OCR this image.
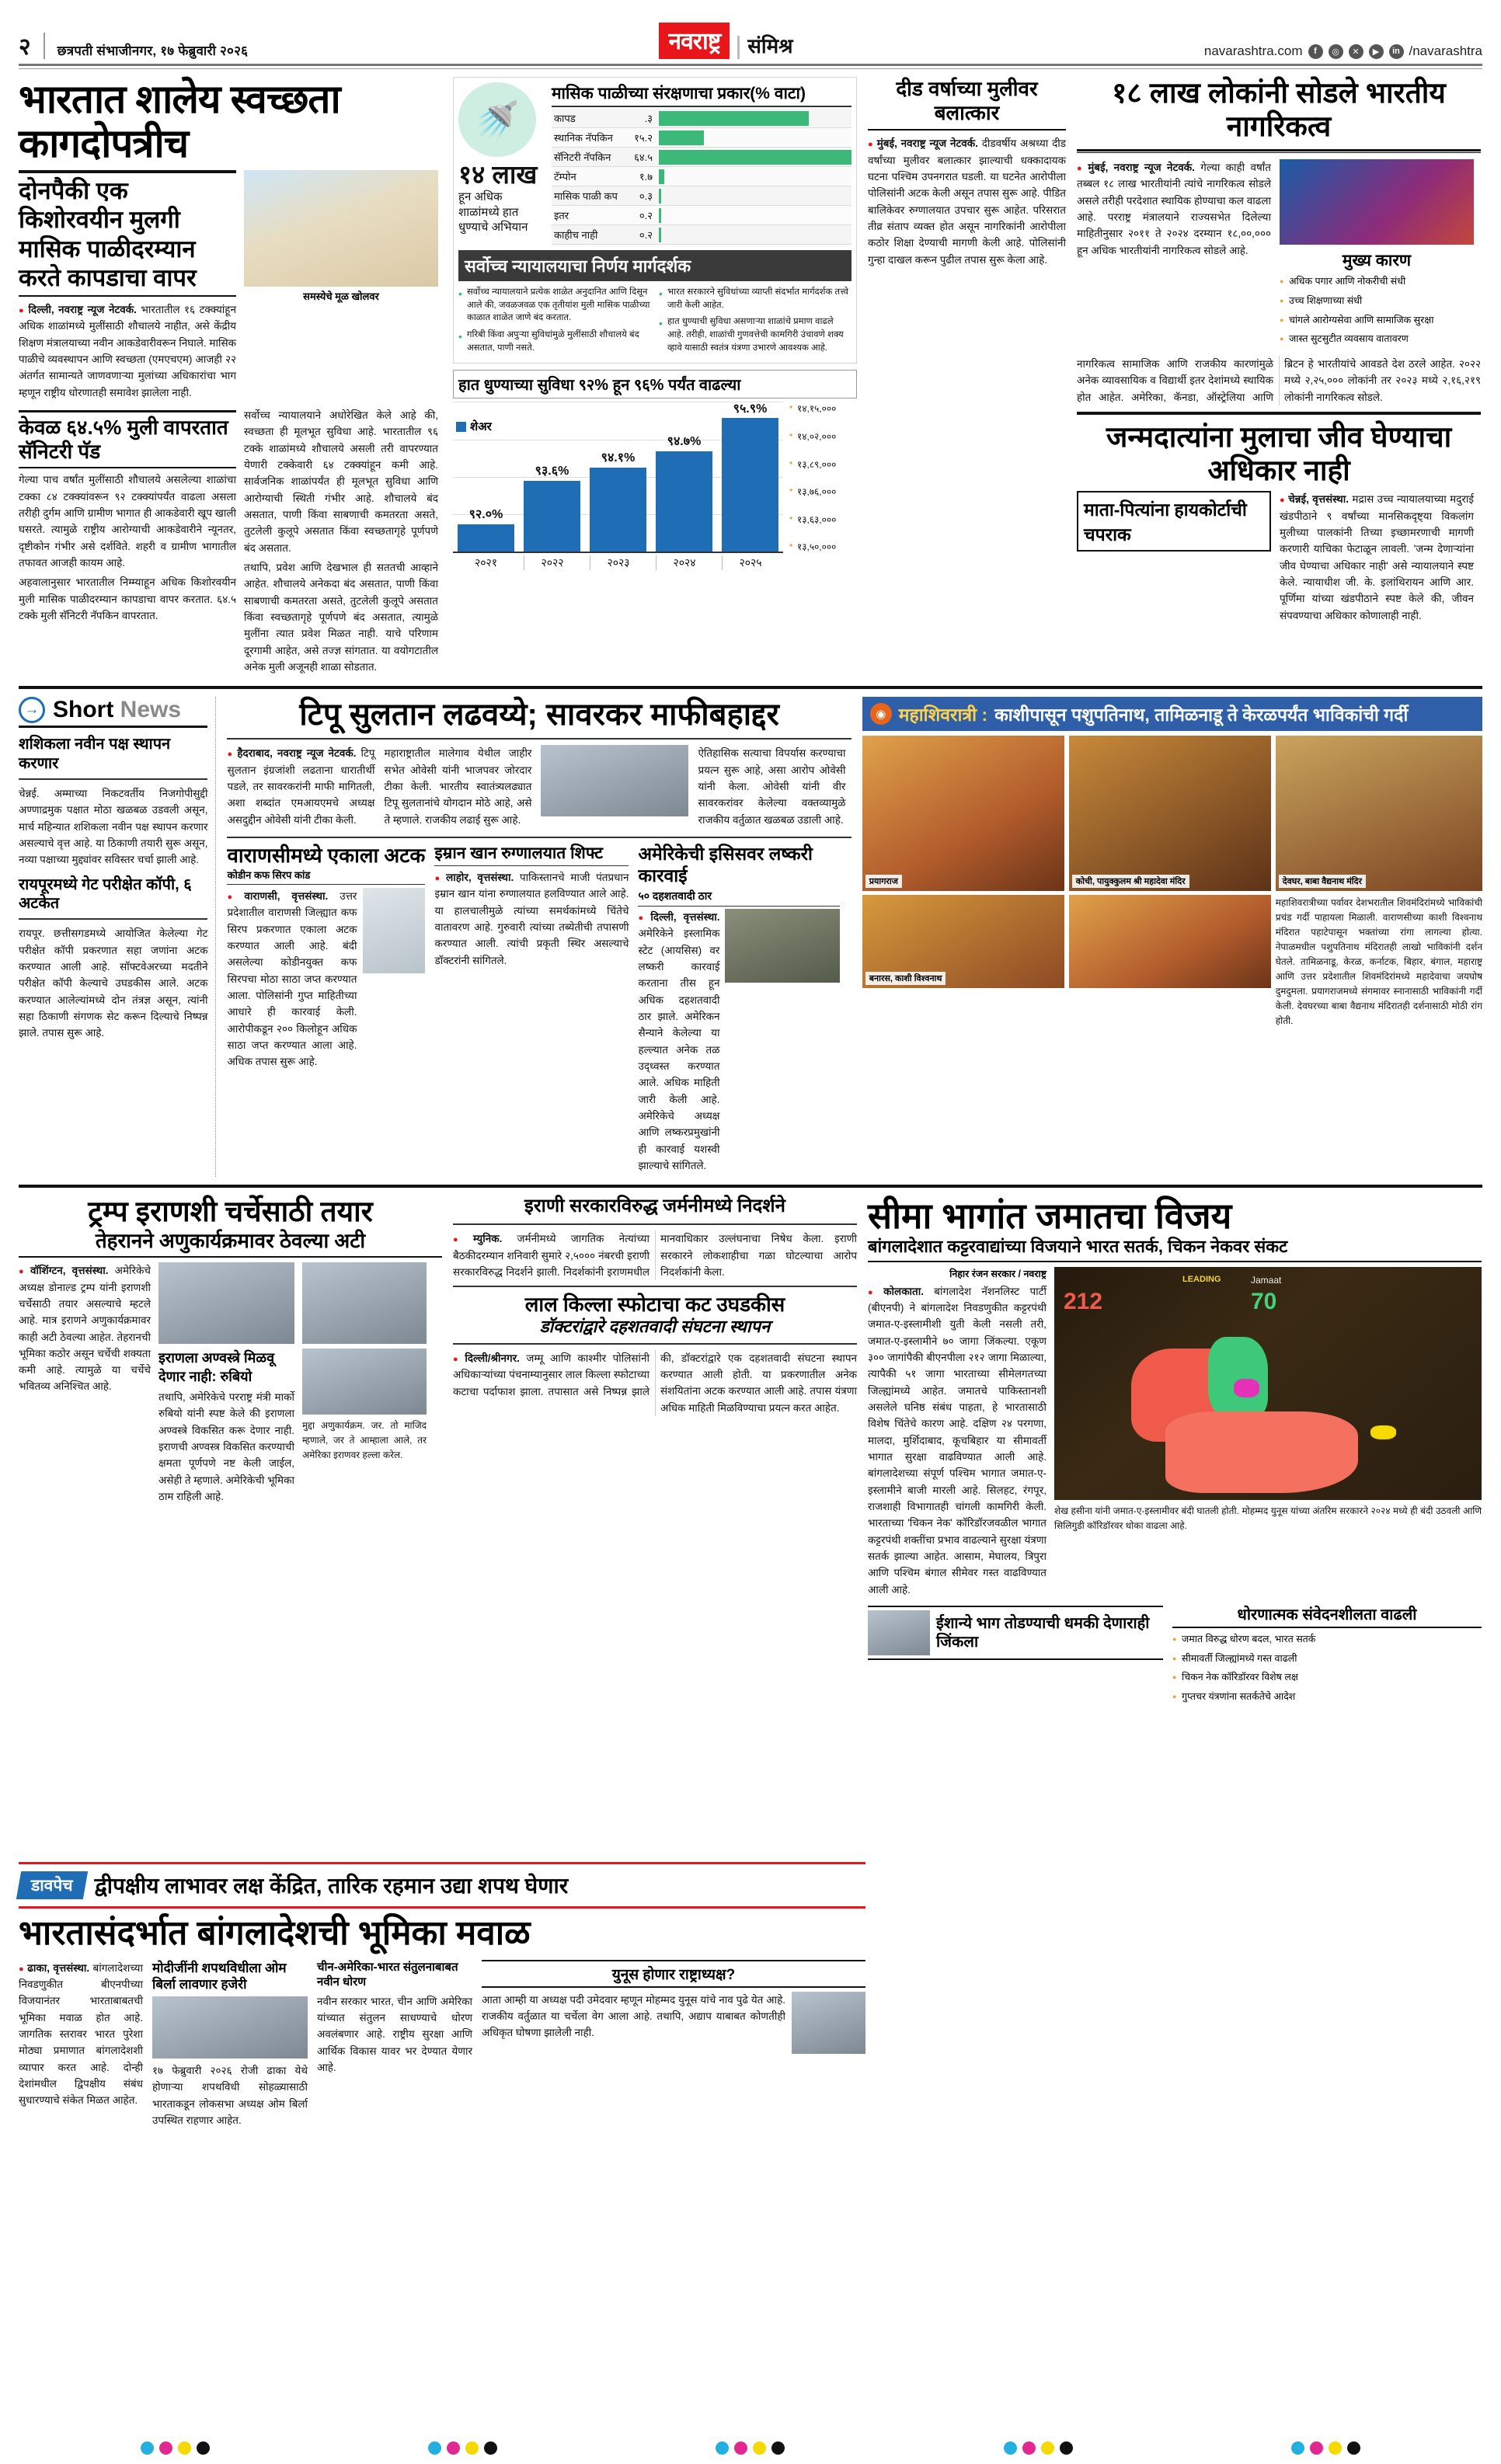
२	छत्रपती संभाजीनगर, १७ फेब्रुवारी २०२६	नवराष्ट्र	संमिश्र	navarashtra.com	f	◎	✕	▶	in /navarashtra
भारतात शालेय स्वच्छता कागदोपत्रीच
दोनपैकी एक किशोरवयीन मुलगी मासिक पाळीदरम्यान करते कापडाचा वापर

● दिल्ली, नवराष्ट्र न्यूज नेटवर्क. भारतातील १६ टक्क्यांहून अधिक शाळांमध्ये मुलींसाठी शौचालये नाहीत, असे केंद्रीय शिक्षण मंत्रालयाच्या नवीन आकडेवारीवरून निघाले. मासिक पाळीचे व्यवस्थापन आणि स्वच्छता (एमएचएम) आजही २२ अंतर्गत सामान्यतेे जाणवणाऱ्या मुलांच्या अधिकारांचा भाग म्हणून राष्ट्रीय धोरणातही समावेश झालेला नाही.

समस्येचे मूळ खोलवर
केवळ ६४.५% मुली वापरतात सॅनिटरी पॅड

गेल्या पाच वर्षांत मुलींसाठी शौचालये असलेल्या शाळांचा टक्का ८४ टक्क्यांवरून ९२ टक्क्यांपर्यंत वाढला असला तरीही दुर्गम आणि ग्रामीण भागात ही आकडेवारी खूप खाली घसरते. त्यामुळे राष्ट्रीय आरोग्याची आकडेवारीने न्यूनतर, दृष्टीकोन गंभीर असे दर्शविते. शहरी व ग्रामीण भागातील तफावत आजही कायम आहे.

अहवालानुसार भारतातील निम्म्याहून अधिक किशोरवयीन मुली मासिक पाळीदरम्यान कापडाचा वापर करतात. ६४.५ टक्के मुली सॅनिटरी नॅपकिन वापरतात.

सर्वोच्च न्यायालयाने अधोरेखित केले आहे की, स्वच्छता ही मूलभूत सुविधा आहे. भारतातील ९६ टक्के शाळांमध्ये शौचालये असली तरी वापरण्यात येणारी टक्केवारी ६४ टक्क्यांहून कमी आहे. सार्वजनिक शाळांपर्यंत ही मूलभूत सुविधा आणि आरोग्याची स्थिती गंभीर आहे. शौचालये बंद असतात, पाणी किंवा साबणाची कमतरता असते, तुटलेली कुलूपे असतात किंवा स्वच्छतागृहे पूर्णपणे बंद असतात.

तथापि, प्रवेश आणि देखभाल ही सततची आव्हाने आहेत. शौचालये अनेकदा बंद असतात, पाणी किंवा साबणाची कमतरता असते, तुटलेली कुलूपे असतात किंवा स्वच्छतागृहे पूर्णपणे बंद असतात, त्यामुळे मुलींना त्यात प्रवेश मिळत नाही. याचे परिणाम दूरगामी आहेत, असे तज्ज्ञ सांगतात. या वयोगटातील अनेक मुली अजूनही शाळा सोडतात.

🚿
१४ लाख
हून अधिक शाळांमध्ये हात धुण्याचे अभियान
मासिक पाळीच्या संरक्षणाचा प्रकार(% वाटा)
कापड	.३
स्थानिक नॅपकिन	१५.२
सॅनिटरी नॅपकिन	६४.५
टॅम्पोन	१.७
मासिक पाळी कप	०.३
इतर	०.२
काहीच नाही	०.२
सर्वोच्च न्यायालयाचा निर्णय मार्गदर्शक
• सर्वोच्च न्यायालयाने प्रत्येक शाळेत अनुदानित आणि दिसून आले की, जवळजवळ एक तृतीयांश मुली मासिक पाळीच्या काळात शाळेत जाणे बंद करतात.
• गरिबी किंवा अपुऱ्या सुविधांमुळे मुलींसाठी शौचालये बंद असतात, पाणी नसते.
• भारत सरकारने सुविधांच्या व्याप्ती संदर्भात मार्गदर्शक तत्त्वे जारी केली आहेत.
• हात धुण्याची सुविधा असणाऱ्या शाळांचे प्रमाण वाढले आहे. तरीही, शाळांची गुणवत्तेची कामगिरी उंचावणे शक्य व्हावे यासाठी स्वतंत्र यंत्रणा उभारणे आवश्यक आहे.
हात धुण्याच्या सुविधा ९२% हून ९६% पर्यंत वाढल्या
शेअर
९२.०%
९३.६%
९४.१%
९४.७%
९५.९%	• १४,१५,०००
• १४,०२,०००
• १३,८९,०००
• १३,७६,०००
• १३,६३,०००
• १३,५०,०००
२०२१	२०२२	२०२३	२०२४	२०२५
दीड वर्षाच्या मुलीवर बलात्कार

● मुंबई, नवराष्ट्र न्यूज नेटवर्क. दीडवर्षीय अश्रध्या दीड वर्षांच्या मुलीवर बलात्कार झाल्याची धक्कादायक घटना पश्चिम उपनगरात घडली. या घटनेत आरोपीला पोलिसांनी अटक केली असून तपास सुरू आहे. पीडित बालिकेवर रुग्णालयात उपचार सुरू आहेत. परिसरात तीव्र संताप व्यक्त होत असून नागरिकांनी आरोपीला कठोर शिक्षा देण्याची मागणी केली आहे. पोलिसांनी गुन्हा दाखल करून पुढील तपास सुरू केला आहे.

१८ लाख लोकांनी सोडले भारतीय नागरिकत्व

● मुंबई, नवराष्ट्र न्यूज नेटवर्क. गेल्या काही वर्षांत तब्बल १८ लाख भारतीयांनी त्यांचे नागरिकत्व सोडले असले तरीही परदेशात स्थायिक होण्याचा कल वाढला आहे. परराष्ट्र मंत्रालयाने राज्यसभेत दिलेल्या माहितीनुसार २०११ ते २०२४ दरम्यान १८,००,००० हून अधिक भारतीयांनी नागरिकत्व सोडले आहे.

मुख्य कारण
● अधिक पगार आणि नोकरीची संधी
● उच्च शिक्षणाच्या संधी
● चांगले आरोग्यसेवा आणि सामाजिक सुरक्षा
● जास्त सुटसुटीत व्यवसाय वातावरण

नागरिकत्व सामाजिक आणि राजकीय कारणांमुळे अनेक व्यावसायिक व विद्यार्थी इतर देशांमध्ये स्थायिक होत आहेत. अमेरिका, कॅनडा, ऑस्ट्रेलिया आणि ब्रिटन हे भारतीयांचे आवडते देश ठरले आहेत. २०२२ मध्ये २,२५,००० लोकांनी तर २०२३ मध्ये २,१६,२१९ लोकांनी नागरिकत्व सोडले.

जन्मदात्यांना मुलाचा जीव घेण्याचा अधिकार नाही
माता-पित्यांना हायकोर्टाची चपराक

● चेन्नई, वृत्तसंस्था. मद्रास उच्च न्यायालयाच्या मदुराई खंडपीठाने ९ वर्षांच्या मानसिकदृष्ट्या विकलांग मुलीच्या पालकांनी तिच्या इच्छामरणाची मागणी करणारी याचिका फेटाळून लावली. 'जन्म देणाऱ्यांना जीव घेण्याचा अधिकार नाही' असे न्यायालयाने स्पष्ट केले. न्यायाधीश जी. के. इलांथिरायन आणि आर. पूर्णिमा यांच्या खंडपीठाने स्पष्ट केले की, जीवन संपवण्याचा अधिकार कोणालाही नाही.

→ Short News
शशिकला नवीन पक्ष स्थापन करणार

चेन्नई. अम्माच्या निकटवर्तीय निजगोपीसुद्दी अण्णाद्रमुक पक्षात मोठा खळबळ उडवली असून, मार्च महिन्यात शशिकला नवीन पक्ष स्थापन करणार असल्याचे वृत्त आहे. या ठिकाणी तयारी सुरू असून, नव्या पक्षाच्या मुद्द्यांवर सविस्तर चर्चा झाली आहे.

रायपूरमध्ये गेट परीक्षेत कॉपी, ६ अटकेत

रायपूर. छत्तीसगडमध्ये आयोजित केलेल्या गेट परीक्षेत कॉपी प्रकरणात सहा जणांना अटक करण्यात आली आहे. सॉफ्टवेअरच्या मदतीने परीक्षेत कॉपी केल्याचे उघडकीस आले. अटक करण्यात आलेल्यांमध्ये दोन तंत्रज्ञ असून, त्यांनी सहा ठिकाणी संगणक सेट करून दिल्याचे निष्पन्न झाले. तपास सुरू आहे.

टिपू सुलतान लढवय्ये; सावरकर माफीबहाद्दर

● हैदराबाद, नवराष्ट्र न्यूज नेटवर्क. टिपू सुलतान इंग्रजांशी लढताना धारातीर्थी पडले, तर सावरकरांनी माफी मागितली, अशा शब्दांत एमआयएमचे अध्यक्ष असदुद्दीन ओवेसी यांनी टीका केली.

महाराष्ट्रातील मालेगाव येथील जाहीर सभेत ओवेसी यांनी भाजपवर जोरदार टीका केली. भारतीय स्वातंत्र्यलढ्यात टिपू सुलतानांचे योगदान मोठे आहे, असे ते म्हणाले. राजकीय लढाई सुरू आहे.

ऐतिहासिक सत्याचा विपर्यास करण्याचा प्रयत्न सुरू आहे, असा आरोप ओवेसी यांनी केला. ओवेसी यांनी वीर सावरकरांवर केलेल्या वक्तव्यामुळे राजकीय वर्तुळात खळबळ उडाली आहे.

वाराणसीमध्ये एकाला अटक
कोडीन कफ सिरप कांड

● वाराणसी, वृत्तसंस्था. उत्तर प्रदेशातील वाराणसी जिल्ह्यात कफ सिरप प्रकरणात एकाला अटक करण्यात आली आहे. बंदी असलेल्या कोडीनयुक्त कफ सिरपचा मोठा साठा जप्त करण्यात आला. पोलिसांनी गुप्त माहितीच्या आधारे ही कारवाई केली. आरोपीकडून २०० किलोहून अधिक साठा जप्त करण्यात आला आहे. अधिक तपास सुरू आहे.

इम्रान खान रुग्णालयात शिफ्ट

● लाहोर, वृत्तसंस्था. पाकिस्तानचे माजी पंतप्रधान इम्रान खान यांना रुग्णालयात हलविण्यात आले आहे. या हालचालीमुळे त्यांच्या समर्थकांमध्ये चिंतेचे वातावरण आहे. गुरुवारी त्यांच्या तब्येतीची तपासणी करण्यात आली. त्यांची प्रकृती स्थिर असल्याचे डॉक्टरांनी सांगितले.

अमेरिकेची इसिसवर लष्करी कारवाई
५० दहशतवादी ठार

● दिल्ली, वृत्तसंस्था. अमेरिकेने इस्लामिक स्टेट (आयसिस) वर लष्करी कारवाई करताना तीस हून अधिक दहशतवादी ठार झाले. अमेरिकन सैन्याने केलेल्या या हल्ल्यात अनेक तळ उद्ध्वस्त करण्यात आले. अधिक माहिती जारी केली आहे. अमेरिकेचे अध्यक्ष आणि लष्करप्रमुखांनी ही कारवाई यशस्वी झाल्याचे सांगितले.

◉ महाशिवरात्री : काशीपासून पशुपतिनाथ, तामिळनाडू ते केरळपर्यंत भाविकांची गर्दी
प्रयागराज
बनारस, काशी विश्वनाथ
कोची, पायुक्कुलम श्री महादेवा मंदिर	देवघर, बाबा वैद्यनाथ मंदिर

महाशिवरात्रीच्या पर्वावर देशभरातील शिवमंदिरांमध्ये भाविकांची प्रचंड गर्दी पाहायला मिळाली. वाराणसीच्या काशी विश्वनाथ मंदिरात पहाटेपासून भक्तांच्या रांगा लागल्या होत्या. नेपाळमधील पशुपतिनाथ मंदिरातही लाखो भाविकांनी दर्शन घेतले. तामिळनाडू, केरळ, कर्नाटक, बिहार, बंगाल, महाराष्ट्र आणि उत्तर प्रदेशातील शिवमंदिरांमध्ये महादेवाचा जयघोष दुमदुमला. प्रयागराजमध्ये संगमावर स्नानासाठी भाविकांनी गर्दी केली. देवघरच्या बाबा वैद्यनाथ मंदिरातही दर्शनासाठी मोठी रांग होती.

ट्रम्प इराणशी चर्चेसाठी तयार
तेहरानने अणुकार्यक्रमावर ठेवल्या अटी

● वॉशिंग्टन, वृत्तसंस्था. अमेरिकेचे अध्यक्ष डोनाल्ड ट्रम्प यांनी इराणशी चर्चेसाठी तयार असल्याचे म्हटले आहे. मात्र इराणने अणुकार्यक्रमावर काही अटी ठेवल्या आहेत. तेहरानची भूमिका कठोर असून चर्चेची शक्यता कमी आहे. त्यामुळे या चर्चेचे भवितव्य अनिश्चित आहे.

इराणला अण्वस्त्रे मिळवू देणार नाही: रुबियो

तथापि, अमेरिकेचे परराष्ट्र मंत्री मार्को रुबियो यांनी स्पष्ट केले की इराणला अण्वस्त्रे विकसित करू देणार नाही. इराणची अण्वस्त्र विकसित करण्याची क्षमता पूर्णपणे नष्ट केली जाईल, असेही ते म्हणाले. अमेरिकेची भूमिका ठाम राहिली आहे.

मुद्दा अणुकार्यक्रम. जर. तो माजिद म्हणाले, जर ते आम्हाला आले, तर अमेरिका इराणवर हल्ला करेल.

इराणी सरकारविरुद्ध जर्मनीमध्ये निदर्शने

● म्युनिक. जर्मनीमध्ये जागतिक नेत्यांच्या बैठकीदरम्यान शनिवारी सुमारे २,५००० नंबरची इराणी सरकारविरुद्ध निदर्शने झाली. निदर्शकांनी इराणमधील मानवाधिकार उल्लंघनाचा निषेध केला. इराणी सरकारने लोकशाहीचा गळा घोटल्याचा आरोप निदर्शकांनी केला.

लाल किल्ला स्फोटाचा कट उघडकीस
डॉक्टरांद्वारे दहशतवादी संघटना स्थापन

● दिल्ली/श्रीनगर. जम्मू आणि काश्मीर पोलिसांनी अधिकाऱ्यांच्या पंचनाम्यानुसार लाल किल्ला स्फोटाच्या कटाचा पर्दाफाश झाला. तपासात असे निष्पन्न झाले की, डॉक्टरांद्वारे एक दहशतवादी संघटना स्थापन करण्यात आली होती. या प्रकरणातील अनेक संशयितांना अटक करण्यात आली आहे. तपास यंत्रणा अधिक माहिती मिळविण्याचा प्रयत्न करत आहेत.

सीमा भागांत जमातचा विजय
बांगलादेशात कट्टरवाद्यांच्या विजयाने भारत सतर्क, चिकन नेकवर संकट
निहार रंजन सरकार / नवराष्ट्र

● कोलकाता. बांगलादेश नॅशनलिस्ट पार्टी (बीएनपी) ने बांगलादेश निवडणुकीत कट्टरपंथी जमात-ए-इस्लामीशी युती केली नसली तरी, जमात-ए-इस्लामीने ७० जागा जिंकल्या. एकूण ३०० जागांपैकी बीएनपीला २१२ जागा मिळाल्या, त्यापैकी ५१ जागा भारताच्या सीमेलगतच्या जिल्ह्यांमध्ये आहेत. जमातचे पाकिस्तानशी असलेले घनिष्ठ संबंध पाहता, हे भारतासाठी विशेष चिंतेचे कारण आहे. दक्षिण २४ परगणा, मालदा, मुर्शिदाबाद, कूचबिहार या सीमावर्ती भागात सुरक्षा वाढविण्यात आली आहे. बांगलादेशच्या संपूर्ण पश्चिम भागात जमात-ए-इस्लामीने बाजी मारली आहे. सिलहट, रंगपूर, राजशाही विभागातही चांगली कामगिरी केली. भारताच्या 'चिकन नेक' कॉरिडॉरजवळील भागात कट्टरपंथी शक्तींचा प्रभाव वाढल्याने सुरक्षा यंत्रणा सतर्क झाल्या आहेत. आसाम, मेघालय, त्रिपुरा आणि पश्चिम बंगाल सीमेवर गस्त वाढविण्यात आली आहे.

212	70
Jamaat
LEADING

शेख हसीना यांनी जमात-ए-इस्लामीवर बंदी घातली होती. मोहम्मद युनूस यांच्या अंतरिम सरकारने २०२४ मध्ये ही बंदी उठवली आणि सिलिगुडी कॉरिडॉरवर धोका वाढला आहे.

ईशान्ये भाग तोडण्याची धमकी देणाराही जिंकला
धोरणात्मक संवेदनशीलता वाढली
● जमात विरुद्ध धोरण बदल, भारत सतर्क
● सीमावर्ती जिल्ह्यांमध्ये गस्त वाढली
● चिकन नेक कॉरिडॉरवर विशेष लक्ष
● गुप्तचर यंत्रणांना सतर्कतेचे आदेश
डावपेच	द्वीपक्षीय लाभावर लक्ष केंद्रित, तारिक रहमान उद्या शपथ घेणार
भारतासंदर्भात बांगलादेशची भूमिका मवाळ

● ढाका, वृत्तसंस्था. बांगलादेशच्या निवडणुकीत बीएनपीच्या विजयानंतर भारताबाबतची भूमिका मवाळ होत आहे. जागतिक स्तरावर भारत पुरेशा मोठ्या प्रमाणात बांगलादेशशी व्यापार करत आहे. दोन्ही देशांमधील द्विपक्षीय संबंध सुधारण्याचे संकेत मिळत आहेत.

मोदीजींनी शपथविधीला ओम बिर्ला लावणार हजेरी

१७ फेब्रुवारी २०२६ रोजी ढाका येथे होणाऱ्या शपथविधी सोहळ्यासाठी भारताकडून लोकसभा अध्यक्ष ओम बिर्ला उपस्थित राहणार आहेत.

चीन-अमेरिका-भारत संतुलनाबाबत नवीन धोरण

नवीन सरकार भारत, चीन आणि अमेरिका यांच्यात संतुलन साधण्याचे धोरण अवलंबणार आहे. राष्ट्रीय सुरक्षा आणि आर्थिक विकास यावर भर देण्यात येणार आहे.

युनूस होणार राष्ट्राध्यक्ष?

आता आम्ही या अध्यक्ष पदी उमेदवार म्हणून मोहम्मद युनूस यांचे नाव पुढे येत आहे. राजकीय वर्तुळात या चर्चेला वेग आला आहे. तथापि, अद्याप याबाबत कोणतीही अधिकृत घोषणा झालेली नाही.
